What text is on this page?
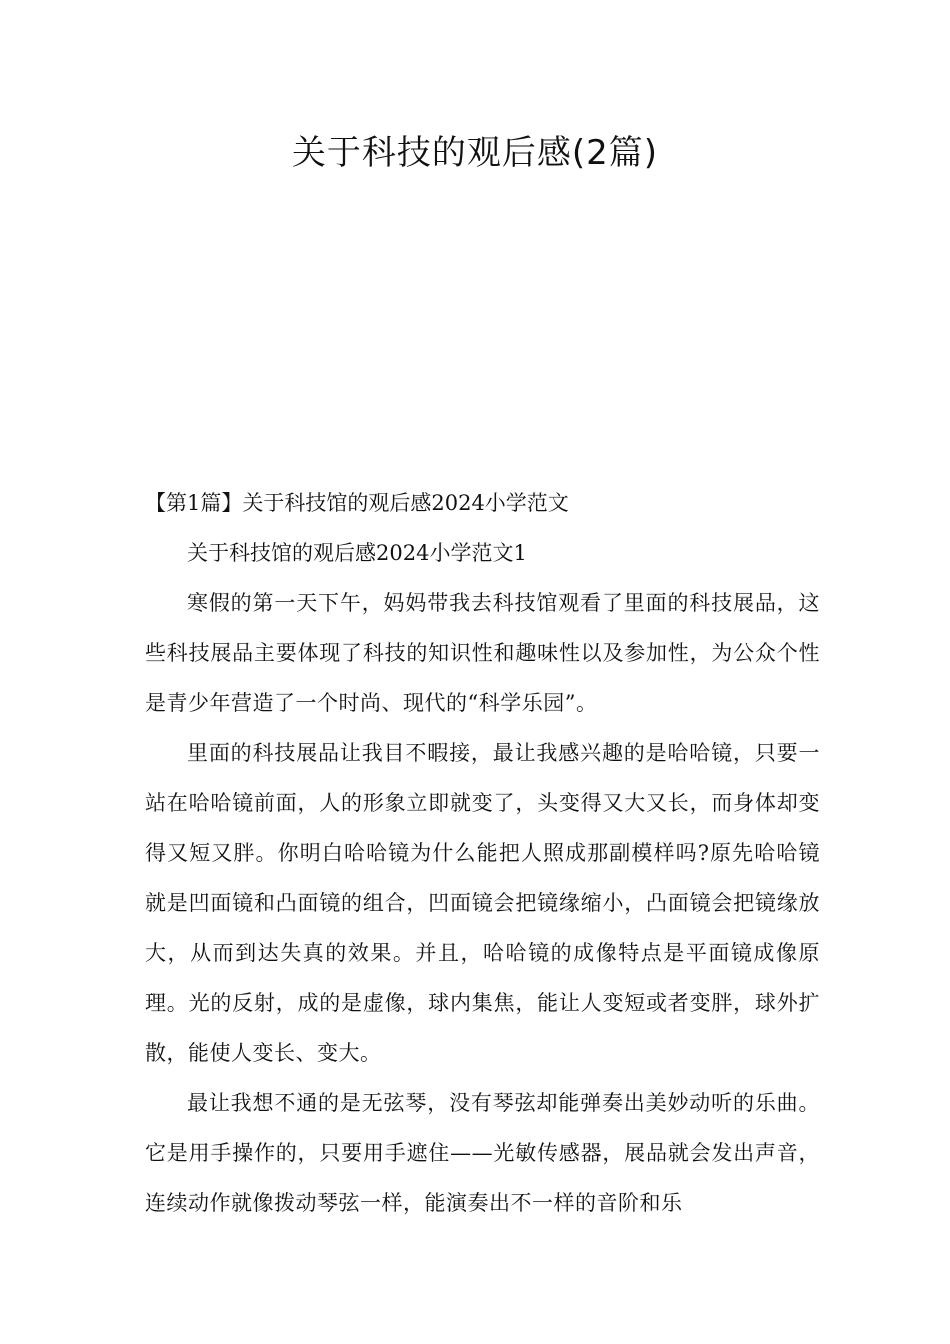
关于科技的观后感(2篇)

【第1篇】关于科技馆的观后感2024小学范文

关于科技馆的观后感2024小学范文1

寒假的第一天下午，妈妈带我去科技馆观看了里面的科技展品，这些科技展品主要体现了科技的知识性和趣味性以及参加性，为公众个性是青少年营造了一个时尚、现代的“科学乐园”。

里面的科技展品让我目不暇接，最让我感兴趣的是哈哈镜，只要一站在哈哈镜前面，人的形象立即就变了，头变得又大又长，而身体却变得又短又胖。你明白哈哈镜为什么能把人照成那副模样吗?原先哈哈镜就是凹面镜和凸面镜的组合，凹面镜会把镜缘缩小，凸面镜会把镜缘放大，从而到达失真的效果。并且，哈哈镜的成像特点是平面镜成像原理。光的反射，成的是虚像，球内集焦，能让人变短或者变胖，球外扩散，能使人变长、变大。

最让我想不通的是无弦琴，没有琴弦却能弹奏出美妙动听的乐曲。它是用手操作的，只要用手遮住——光敏传感器，展品就会发出声音，连续动作就像拨动琴弦一样，能演奏出不一样的音阶和乐
